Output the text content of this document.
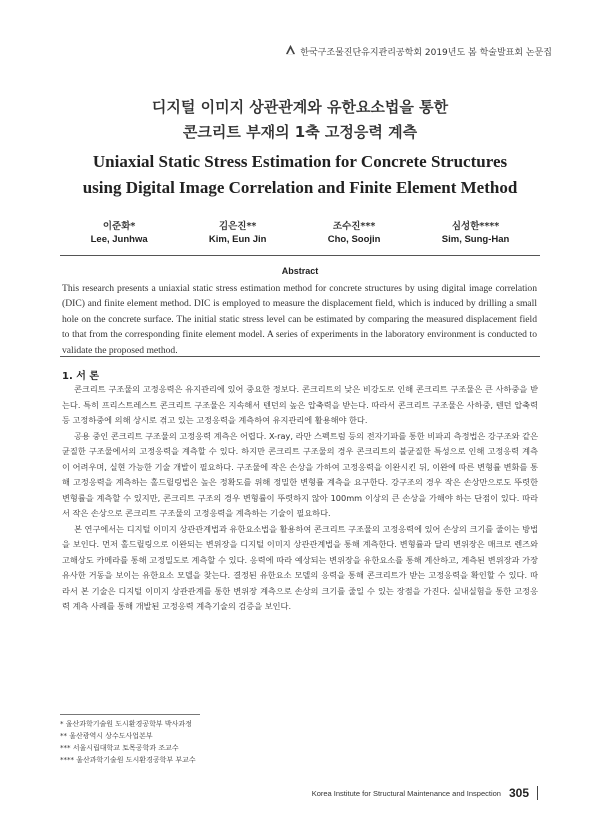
한국구조물진단유지관리공학회 2019년도 봄 학술발표회 논문집
디지털 이미지 상관관계와 유한요소법을 통한
콘크리트 부재의 1축 고정응력 계측
Uniaxial Static Stress Estimation for Concrete Structures
using Digital Image Correlation and Finite Element Method
이준화*
Lee, Junhwa
김은진**
Kim, Eun Jin
조수진***
Cho, Soojin
심성한****
Sim, Sung-Han
Abstract
This research presents a uniaxial static stress estimation method for concrete structures by using digital image correlation (DIC) and finite element method. DIC is employed to measure the displacement field, which is induced by drilling a small hole on the concrete surface. The initial static stress level can be estimated by comparing the measured displacement field to that from the corresponding finite element model. A series of experiments in the laboratory environment is conducted to validate the proposed method.
1. 서 론

콘크리트 구조물의 고정응력은 유지관리에 있어 중요한 정보다. 콘크리트의 낮은 비강도로 인해 콘크리트 구조물은 큰 사하중을 받는다. 특히 프리스트레스트 콘크리트 구조물은 지속해서 텐던의 높은 압축력을 받는다. 따라서 콘크리트 구조물은 사하중, 텐던 압축력 등 고정하중에 의해 상시로 겪고 있는 고정응력을 계측하여 유지관리에 활용해야 한다.

공용 중인 콘크리트 구조물의 고정응력 계측은 어렵다. X-ray, 라만 스펙트럼 등의 전자기파를 통한 비파괴 측정법은 강구조와 같은 균질한 구조물에서의 고정응력을 계측할 수 있다. 하지만 콘크리트 구조물의 경우 콘크리트의 불균질한 특성으로 인해 고정응력 계측이 어려우며, 실현 가능한 기술 개발이 필요하다. 구조물에 작은 손상을 가하여 고정응력을 이완시킨 뒤, 이완에 따른 변형률 변화를 통해 고정응력을 계측하는 홀드릴링법은 높은 정확도를 위해 정밀한 변형률 계측을 요구한다. 강구조의 경우 작은 손상만으로도 뚜렷한 변형률을 계측할 수 있지만, 콘크리트 구조의 경우 변형률이 뚜렷하지 않아 100mm 이상의 큰 손상을 가해야 하는 단점이 있다. 따라서 작은 손상으로 콘크리트 구조물의 고정응력을 계측하는 기술이 필요하다.

본 연구에서는 디지털 이미지 상관관계법과 유한요소법을 활용하여 콘크리트 구조물의 고정응력에 있어 손상의 크기를 줄이는 방법을 보인다. 먼저 홀드릴링으로 이완되는 변위장을 디지털 이미지 상관관계법을 통해 계측한다. 변형률과 달리 변위장은 매크로 렌즈와 고해상도 카메라를 통해 고정밀도로 계측할 수 있다. 응력에 따라 예상되는 변위장을 유한요소를 통해 계산하고, 계측된 변위장과 가장 유사한 거동을 보이는 유한요소 모델을 찾는다. 결정된 유한요소 모델의 응력을 통해 콘크리트가 받는 고정응력을 확인할 수 있다. 따라서 본 기술은 디지털 이미지 상관관계를 통한 변위장 계측으로 손상의 크기를 줄일 수 있는 장점을 가진다. 실내실험을 통한 고정응력 계측 사례를 통해 개발된 고정응력 계측기술의 검증을 보인다.

* 울산과학기술원 도시환경공학부 박사과정
** 울산광역시 상수도사업본부
*** 서울시립대학교 토목공학과 조교수
**** 울산과학기술원 도시환경공학부 부교수
Korea Institute for Structural Maintenance and Inspection 305
